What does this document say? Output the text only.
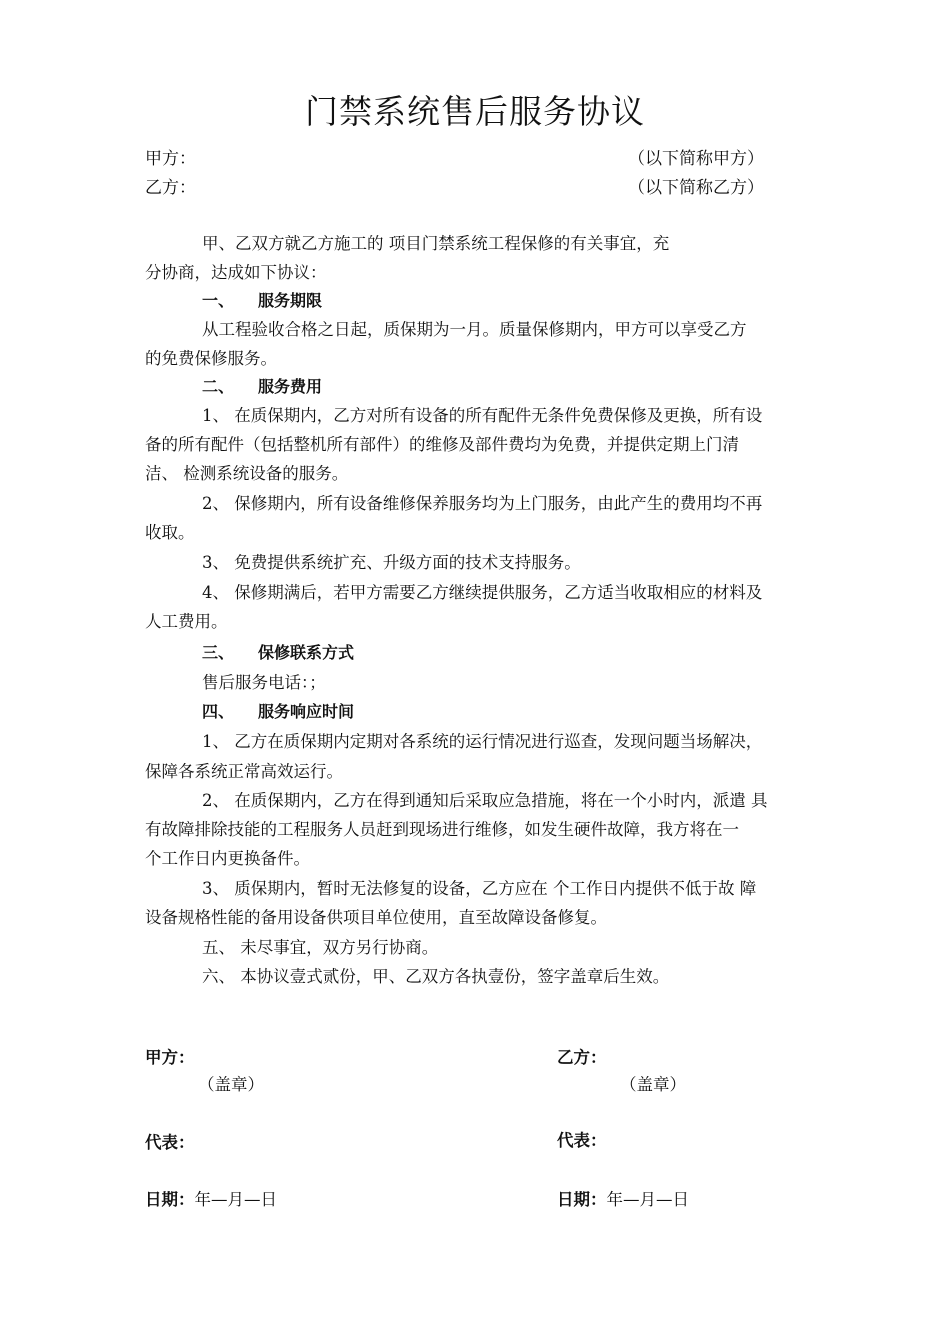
门禁系统售后服务协议
甲方：	（以下简称甲方）
乙方：	（以下简称乙方）
甲、乙双方就乙方施工的 项目门禁系统工程保修的有关事宜，充
分协商，达成如下协议：
一、 服务期限
从工程验收合格之日起，质保期为一月。质量保修期内，甲方可以享受乙方
的免费保修服务。
二、 服务费用
1、 在质保期内，乙方对所有设备的所有配件无条件免费保修及更换，所有设
备的所有配件（包括整机所有部件）的维修及部件费均为免费，并提供定期上门清
洁、 检测系统设备的服务。
2、 保修期内，所有设备维修保养服务均为上门服务，由此产生的费用均不再
收取。
3、 免费提供系统扩充、升级方面的技术支持服务。
4、 保修期满后，若甲方需要乙方继续提供服务，乙方适当收取相应的材料及
人工费用。
三、 保修联系方式
售后服务电话：；
四、 服务响应时间
1、 乙方在质保期内定期对各系统的运行情况进行巡查，发现问题当场解决，
保障各系统正常高效运行。
2、 在质保期内，乙方在得到通知后采取应急措施，将在一个小时内，派遣 具
有故障排除技能的工程服务人员赶到现场进行维修，如发生硬件故障，我方将在一
个工作日内更换备件。
3、 质保期内，暂时无法修复的设备，乙方应在 个工作日内提供不低于故 障
设备规格性能的备用设备供项目单位使用，直至故障设备修复。
五、 未尽事宜，双方另行协商。
六、 本协议壹式贰份，甲、乙双方各执壹份，签字盖章后生效。
甲方：
（盖章）
代表：
日期：年—月—日
乙方：
（盖章）
代表：
日期：年—月—日
